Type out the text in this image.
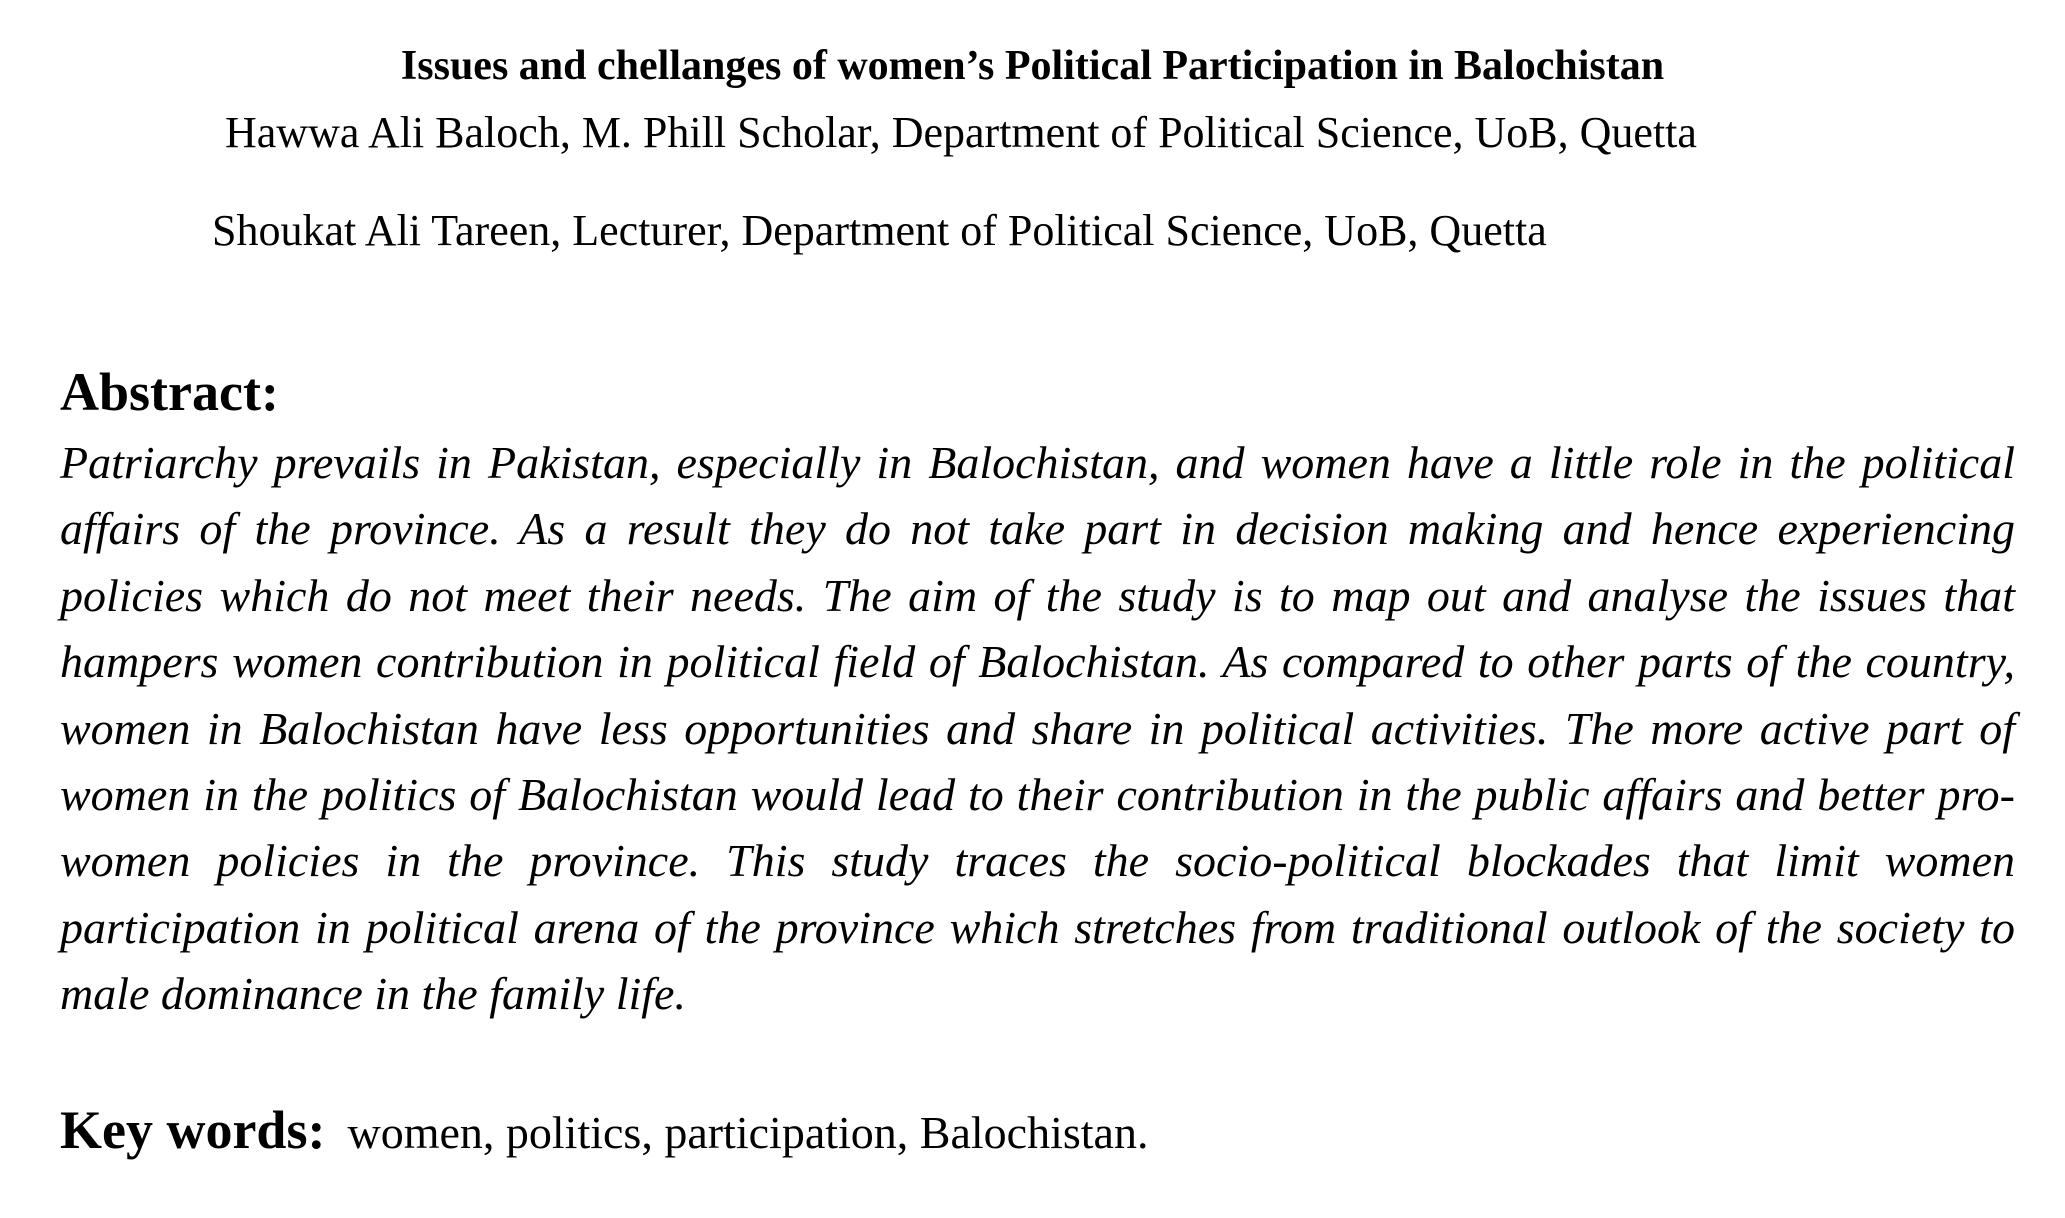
Issues and chellanges of women’s Political Participation in Balochistan
Hawwa Ali Baloch, M. Phill Scholar, Department of Political Science, UoB, Quetta
Shoukat Ali Tareen, Lecturer, Department of Political Science, UoB, Quetta
Abstract:

Patriarchy prevails in Pakistan, especially in Balochistan, and women have a little role in the political affairs of the province. As a result they do not take part in decision making and hence experiencing policies which do not meet their needs. The aim of the study is to map out and analyse the issues that hampers women contribution in political field of Balochistan. As compared to other parts of the country, women in Balochistan have less opportunities and share in political activities. The more active part of women in the politics of Balochistan would lead to their contribution in the public affairs and better pro-women policies in the province. This study traces the socio-political blockades that limit women participation in political arena of the province which stretches from traditional outlook of the society to male dominance in the family life.

Key words: women, politics, participation, Balochistan.
